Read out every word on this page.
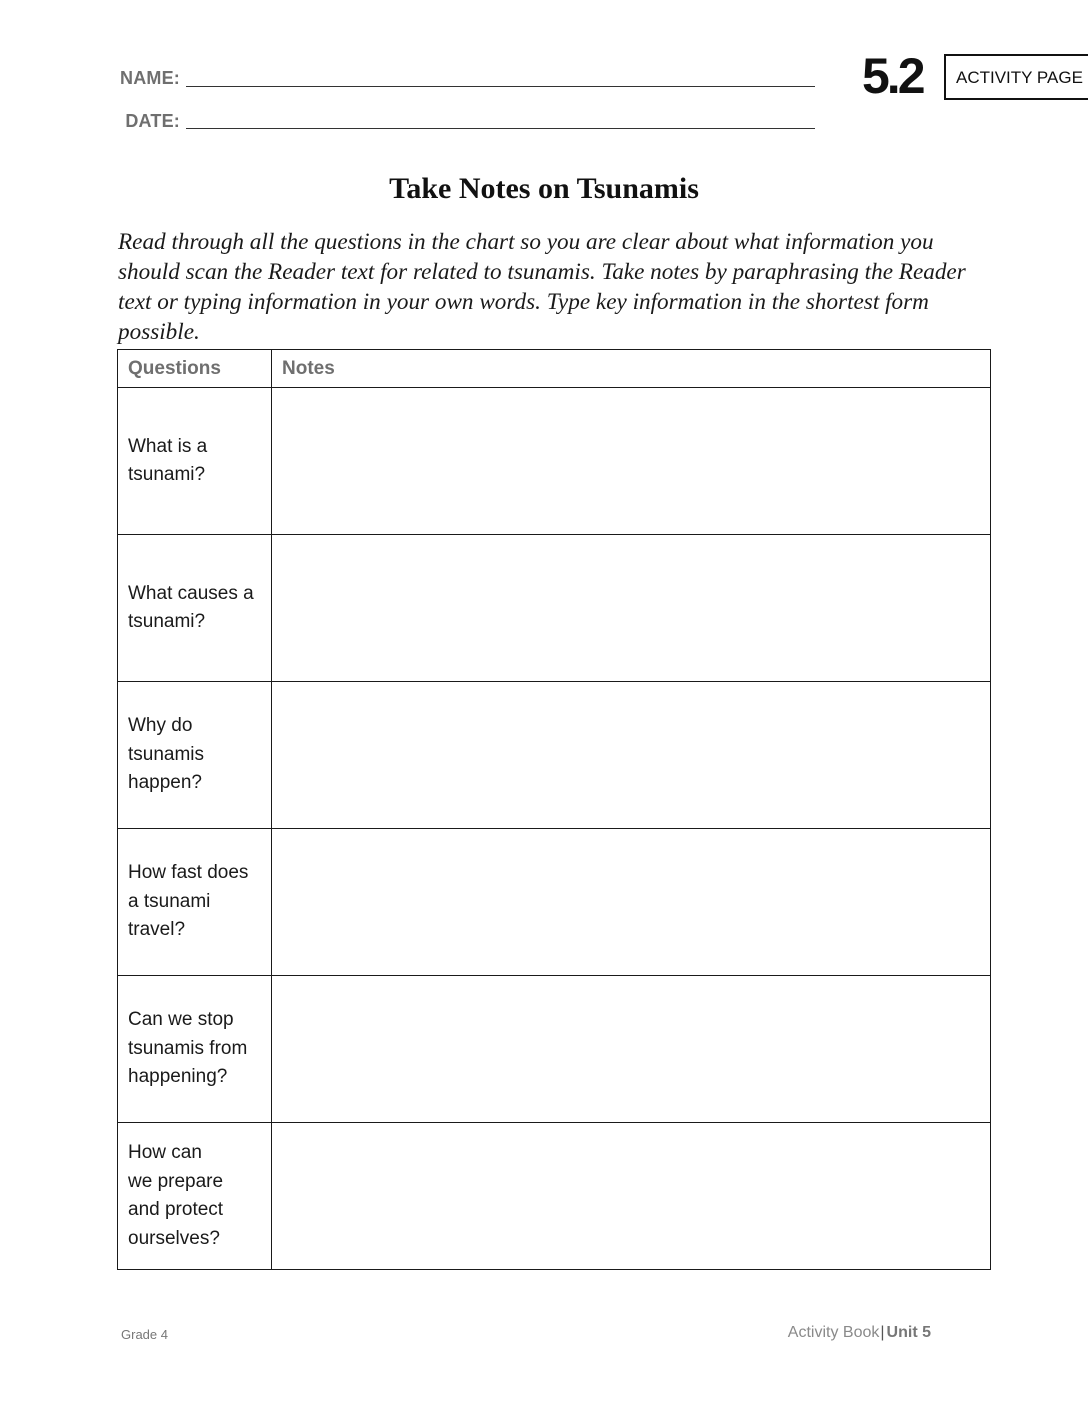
NAME:
DATE:
5.2	ACTIVITY PAGE
Take Notes on Tsunamis
Read through all the questions in the chart so you are clear about what information you should scan the Reader text for related to tsunamis. Take notes by paraphrasing the Reader text or typing information in your own words. Type key information in the shortest form possible.
Questions	Notes

What is a
tsunami?	

What causes a
tsunami?	

Why do
tsunamis
happen?	

How fast does
a tsunami
travel?	

Can we stop
tsunamis from
happening?	

How can
we prepare
and protect
ourselves?	

Grade 4	Activity Book| Unit 5
